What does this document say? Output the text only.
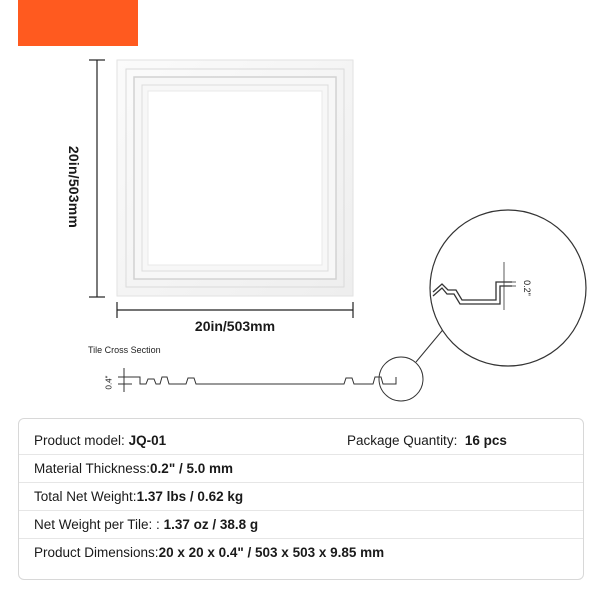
20in/503mm
20in/503mm
Tile Cross Section
0.4"
0.2"
Product model:
JQ-01	Package Quantity:
16 pcs
Material Thickness: 0.2" / 5.0 mm
Total Net Weight: 1.37 lbs / 0.62 kg
Net Weight per Tile: :
1.37 oz / 38.8 g
Product Dimensions: 20 x 20 x 0.4" / 503 x 503 x 9.85 mm
